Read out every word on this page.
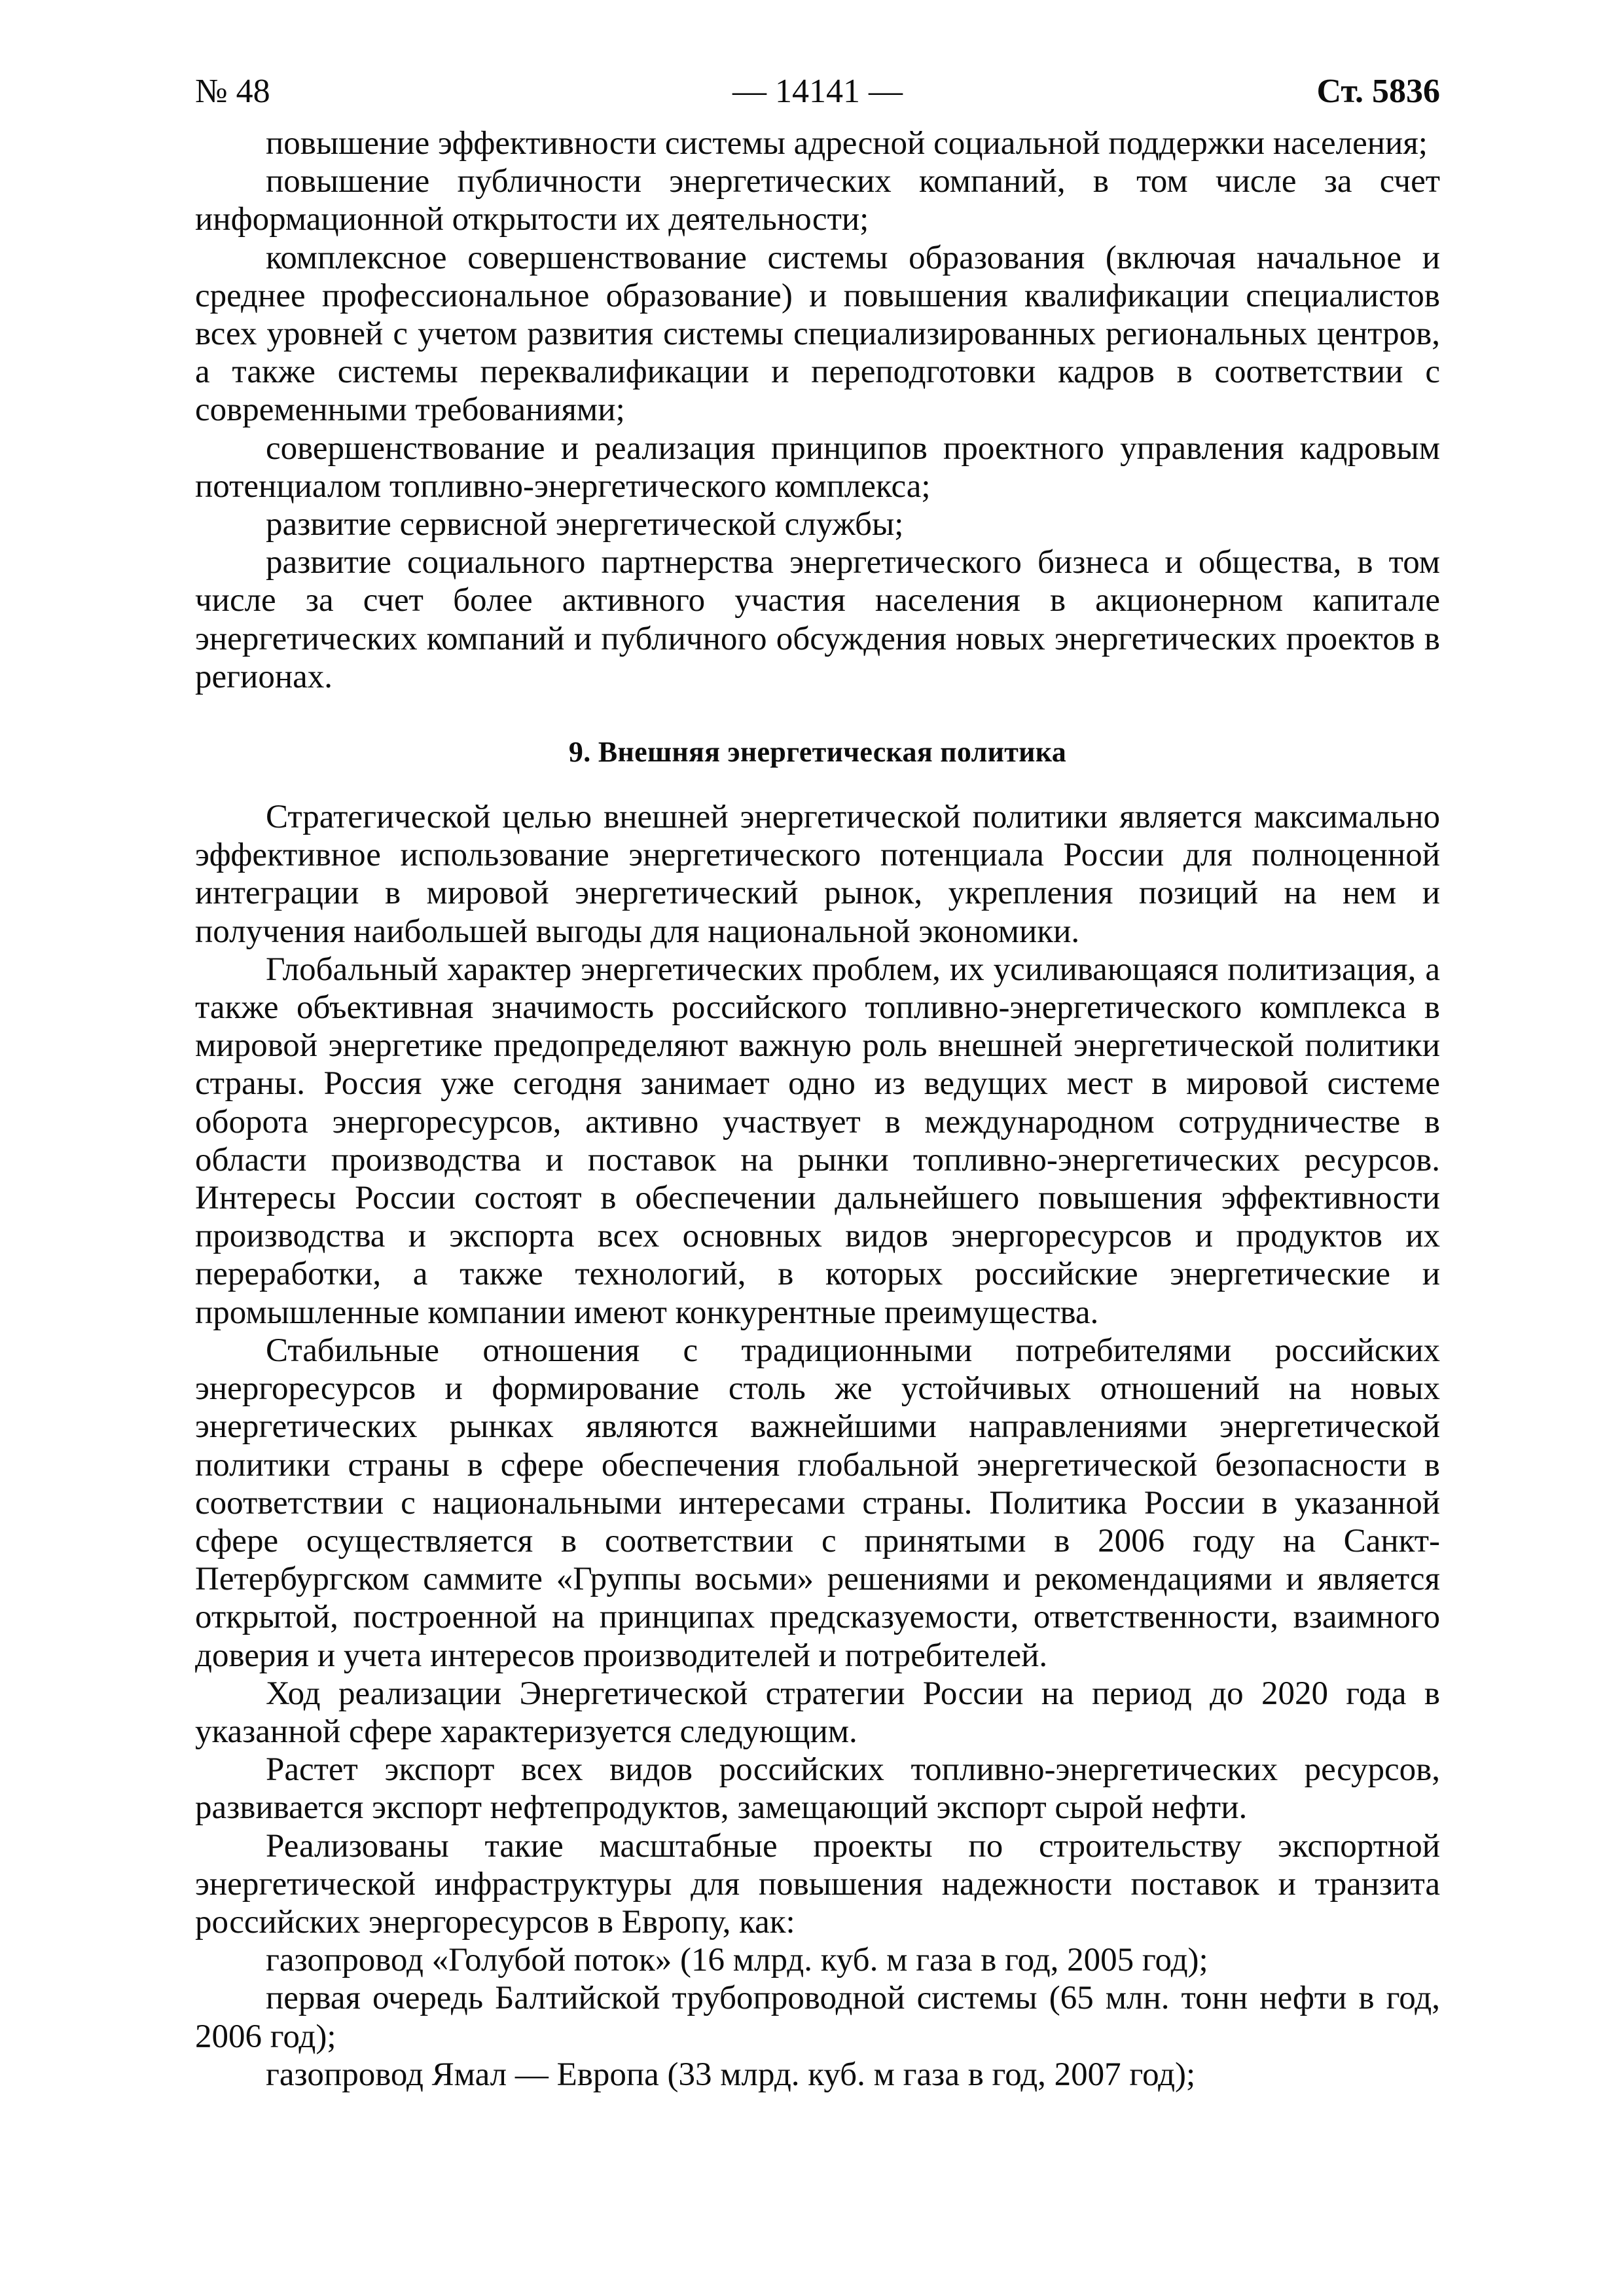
№ 48	— 14141 —	Ст. 5836

повышение эффективности системы адресной социальной поддержки населения;

повышение публичности энергетических компаний, в том числе за счет информационной открытости их деятельности;

комплексное совершенствование системы образования (включая начальное и среднее профессиональное образование) и повышения квалификации специалистов всех уровней с учетом развития системы специализированных региональных центров, а также системы переквалификации и переподготовки кадров в соответствии с современными требованиями;

совершенствование и реализация принципов проектного управления кадровым потенциалом топливно-энергетического комплекса;

развитие сервисной энергетической службы;

развитие социального партнерства энергетического бизнеса и общества, в том числе за счет более активного участия населения в акционерном капитале энергетических компаний и публичного обсуждения новых энергетических проектов в регионах.

9. Внешняя энергетическая политика

Стратегической целью внешней энергетической политики является максимально эффективное использование энергетического потенциала России для полноценной интеграции в мировой энергетический рынок, укрепления позиций на нем и получения наибольшей выгоды для национальной экономики.

Глобальный характер энергетических проблем, их усиливающаяся политизация, а также объективная значимость российского топливно-энергетического комплекса в мировой энергетике предопределяют важную роль внешней энергетической политики страны. Россия уже сегодня занимает одно из ведущих мест в мировой системе оборота энергоресурсов, активно участвует в международном сотрудничестве в области производства и поставок на рынки топливно-энергетических ресурсов. Интересы России состоят в обеспечении дальнейшего повышения эффективности производства и экспорта всех основных видов энергоресурсов и продуктов их переработки, а также технологий, в которых российские энергетические и промышленные компании имеют конкурентные преимущества.

Стабильные отношения с традиционными потребителями российских энергоресурсов и формирование столь же устойчивых отношений на новых энергетических рынках являются важнейшими направлениями энергетической политики страны в сфере обеспечения глобальной энергетической безопасности в соответствии с национальными интересами страны. Политика России в указанной сфере осуществляется в соответствии с принятыми в 2006 году на Санкт-Петербургском саммите «Группы восьми» решениями и рекомендациями и является открытой, построенной на принципах предсказуемости, ответственности, взаимного доверия и учета интересов производителей и потребителей.

Ход реализации Энергетической стратегии России на период до 2020 года в указанной сфере характеризуется следующим.

Растет экспорт всех видов российских топливно-энергетических ресурсов, развивается экспорт нефтепродуктов, замещающий экспорт сырой нефти.

Реализованы такие масштабные проекты по строительству экспортной энергетической инфраструктуры для повышения надежности поставок и транзита российских энергоресурсов в Европу, как:

газопровод «Голубой поток» (16 млрд. куб. м газа в год, 2005 год);

первая очередь Балтийской трубопроводной системы (65 млн. тонн нефти в год, 2006 год);

газопровод Ямал — Европа (33 млрд. куб. м газа в год, 2007 год);
